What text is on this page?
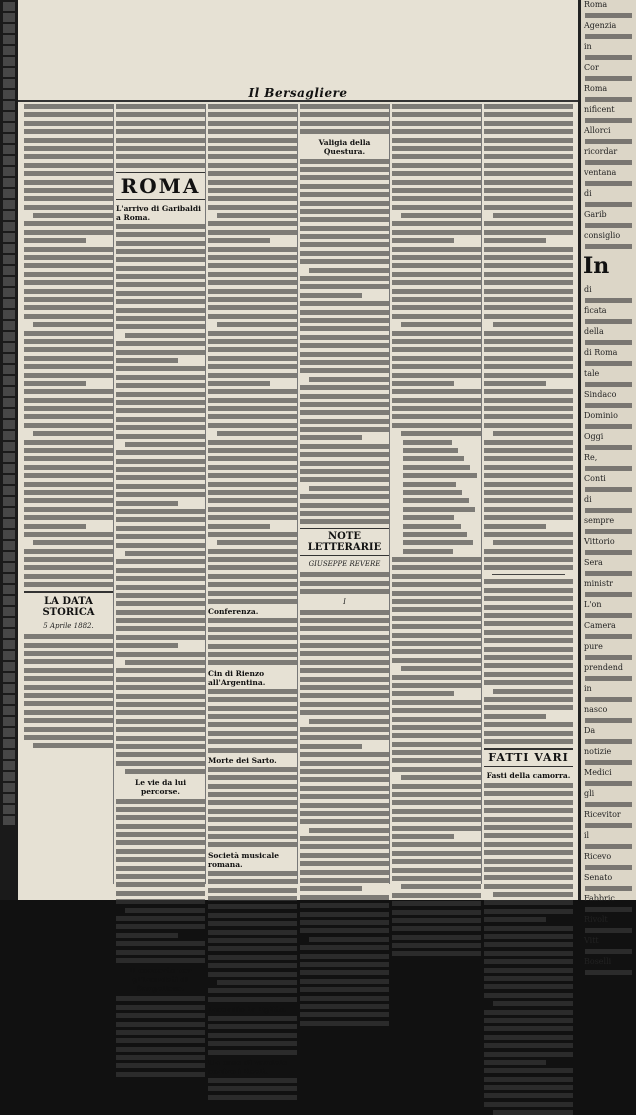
Il Bersagliere
LA DATA STORICA
5 Aprile 1882.
ROMA
L'arrivo di Garibaldi a Roma.
Le vie da lui percorse.
Il concerto per gl'inondati di Sangallese.
Conferenza.
Cin di Rienzo all'Argentina.
Morte dei Sarto.
Società musicale romana.
Incendio in Egitto.
Un caso di vandalo contro i Reali.
Valigia della Questura.
NOTE LETTERARIE
GIUSEPPE REVERE
I
FATTI VARI
Fasti della camorra.
Roma
Agenzia
in
Cor
Roma
nificent
Allorci
ricordar
ventana
di
Garib
consiglio
In
di
ficata
della
di Roma
tale
Sindaco
Dominio
Oggi
Re,
Conti
di
sempre
Vittorio
Sera
ministr
L'on
Camera
pure
prendend
in
nasco
Da
notizie
Medici
gli
Ricevitor
il
Ricevo
Senato
Fabbric
Rivolt
Vitt
Boselli
